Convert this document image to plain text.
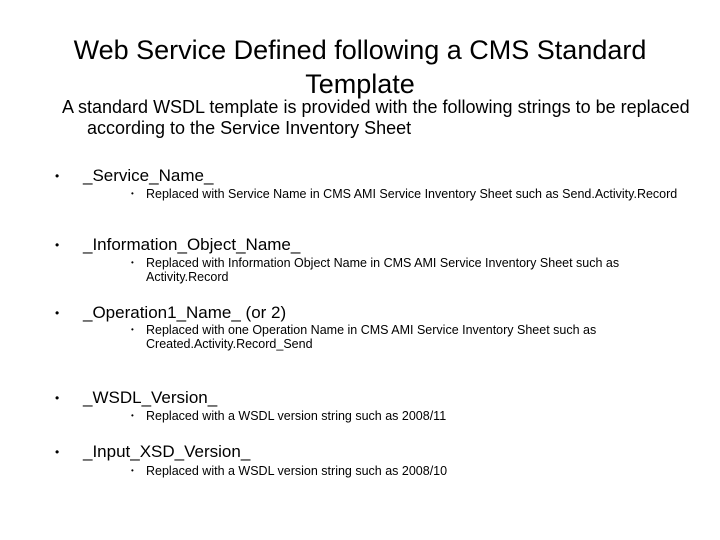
Web Service Defined following a CMS Standard Template
A standard WSDL template is provided with the following strings to be replaced according to the Service Inventory Sheet
• _Service_Name_
• Replaced with Service Name in CMS AMI Service Inventory Sheet such as Send.Activity.Record
• _Information_Object_Name_
• Replaced with Information Object Name in CMS AMI Service Inventory Sheet such as Activity.Record
• _Operation1_Name_ (or 2)
• Replaced with one Operation Name in CMS AMI Service Inventory Sheet such as Created.Activity.Record_Send
• _WSDL_Version_
• Replaced with a WSDL version string such as 2008/11
• _Input_XSD_Version_
• Replaced with a WSDL version string such as 2008/10
